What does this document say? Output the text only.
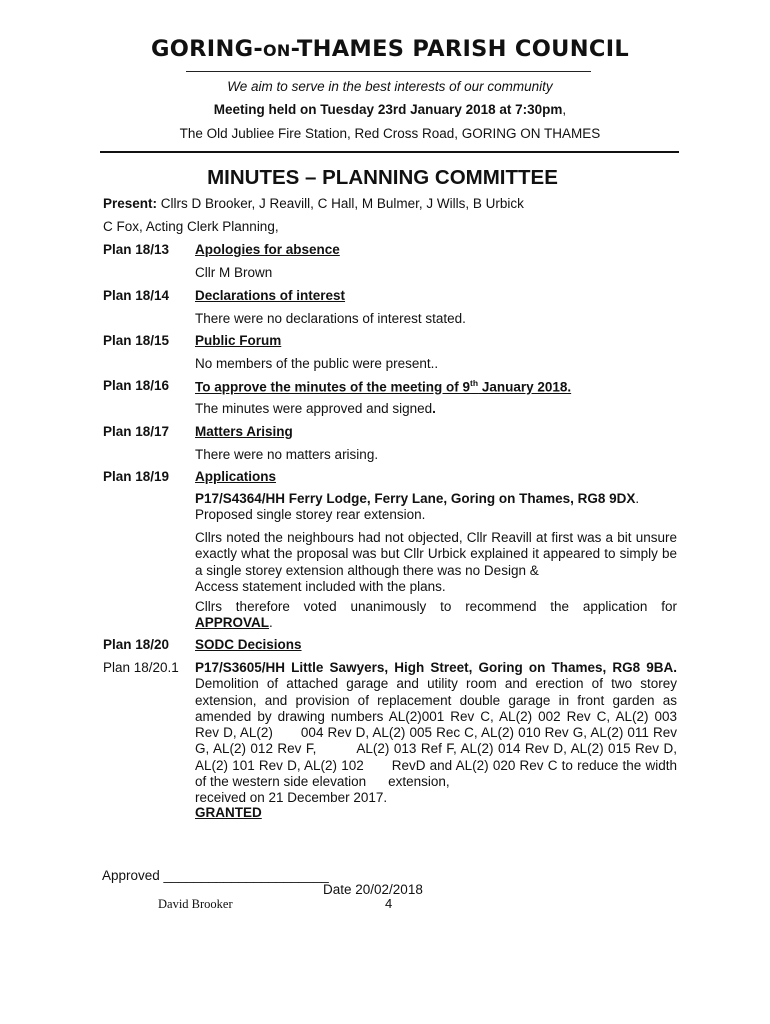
GORING-ON-THAMES PARISH COUNCIL
We aim to serve in the best interests of our community
Meeting held on Tuesday 23rd January 2018 at 7:30pm,
The Old Jubliee Fire Station, Red Cross Road, GORING ON THAMES
MINUTES – PLANNING COMMITTEE
Present: Cllrs D Brooker, J Reavill, C Hall, M Bulmer, J Wills, B Urbick
C Fox, Acting Clerk Planning,
Plan 18/13 Apologies for absence
Cllr M Brown
Plan 18/14 Declarations of interest
There were no declarations of interest stated.
Plan 18/15 Public Forum
No members of the public were present..
Plan 18/16 To approve the minutes of the meeting of 9th January 2018.
The minutes were approved and signed.
Plan 18/17 Matters Arising
There were no matters arising.
Plan 18/19 Applications
P17/S4364/HH Ferry Lodge, Ferry Lane, Goring on Thames, RG8 9DX.
Proposed single storey rear extension.
Cllrs noted the neighbours had not objected, Cllr Reavill at first was a bit unsure exactly what the proposal was but Cllr Urbick explained it appeared to simply be a single storey extension although there was no Design &
Access statement included with the plans.
Cllrs therefore voted unanimously to recommend the application for
APPROVAL.
Plan 18/20 SODC Decisions
Plan 18/20.1 P17/S3605/HH Little Sawyers, High Street, Goring on Thames, RG8 9BA. Demolition of attached garage and utility room and erection of two storey extension, and provision of replacement double garage in front garden as amended by drawing numbers AL(2)001 Rev C, AL(2) 002 Rev C, AL(2) 003 Rev D, AL(2) 004 Rev D, AL(2) 005 Rec C, AL(2) 010 Rev G, AL(2) 011 Rev G, AL(2) 012 Rev F,	AL(2) 013 Ref F, AL(2) 014 Rev D, AL(2) 015 Rev D, AL(2) 101 Rev D, AL(2) 102 RevD and AL(2) 020 Rev C to reduce the width of the western side elevation extension,
received on 21 December 2017.
GRANTED
Approved ______________________
Date 20/02/2018
David Brooker	4
